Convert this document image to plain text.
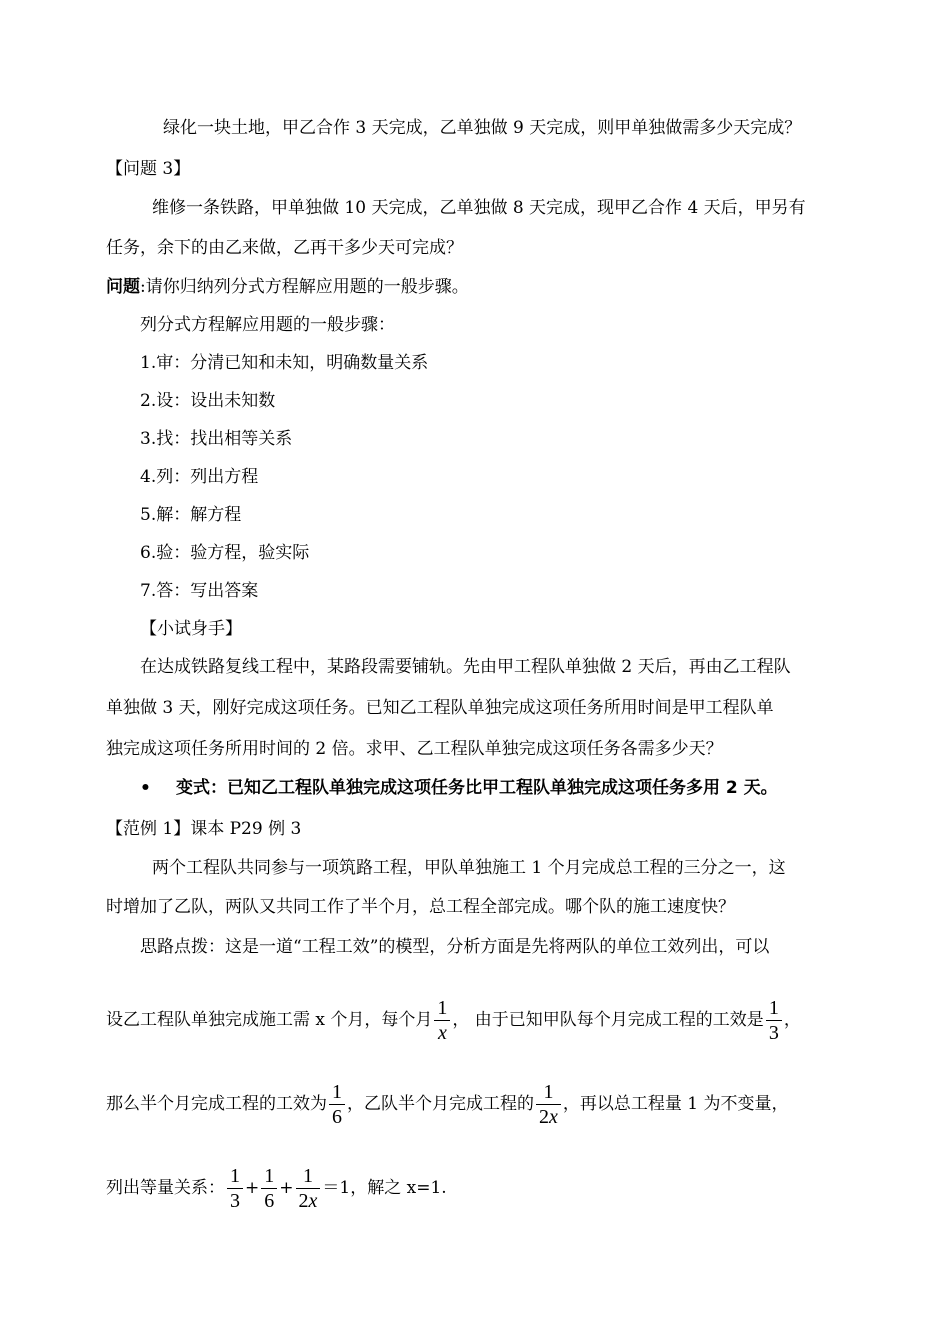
绿化一块土地，甲乙合作 3 天完成，乙单独做 9 天完成，则甲单独做需多少天完成？
【问题 3】
维修一条铁路，甲单独做 10 天完成，乙单独做 8 天完成，现甲乙合作 4 天后，甲另有
任务，余下的由乙来做，乙再干多少天可完成？
问题:请你归纳列分式方程解应用题的一般步骤。
列分式方程解应用题的一般步骤：
1.审：分清已知和未知，明确数量关系
2.设：设出未知数
3.找：找出相等关系
4.列：列出方程
5.解：解方程
6.验：验方程，验实际
7.答：写出答案
【小试身手】
在达成铁路复线工程中，某路段需要铺轨。先由甲工程队单独做 2 天后，再由乙工程队
单独做 3 天，刚好完成这项任务。已知乙工程队单独完成这项任务所用时间是甲工程队单
独完成这项任务所用时间的 2 倍。求甲、乙工程队单独完成这项任务各需多少天？
• 变式：已知乙工程队单独完成这项任务比甲工程队单独完成这项任务多用 2 天。
【范例 1】课本 P29 例 3
两个工程队共同参与一项筑路工程，甲队单独施工 1 个月完成总工程的三分之一，这
时增加了乙队，两队又共同工作了半个月，总工程全部完成。哪个队的施工速度快？
思路点拨：这是一道“工程工效”的模型，分析方面是先将两队的单位工效列出，可以
设乙工程队单独完成施工需 x 个月，每个月 $\frac{1}{x}$ ， 由于已知甲队每个月完成工程的工效是 $\frac{1}{3}$ ，
那么半个月完成工程的工效为 $\frac{1}{6}$ ，乙队半个月完成工程的 $\frac{1}{2x}$ ，再以总工程量 1 为不变量，
列出等量关系： $\frac{1}{3} + \frac{1}{6} + \frac{1}{2x} =1$，解之 x=1.
